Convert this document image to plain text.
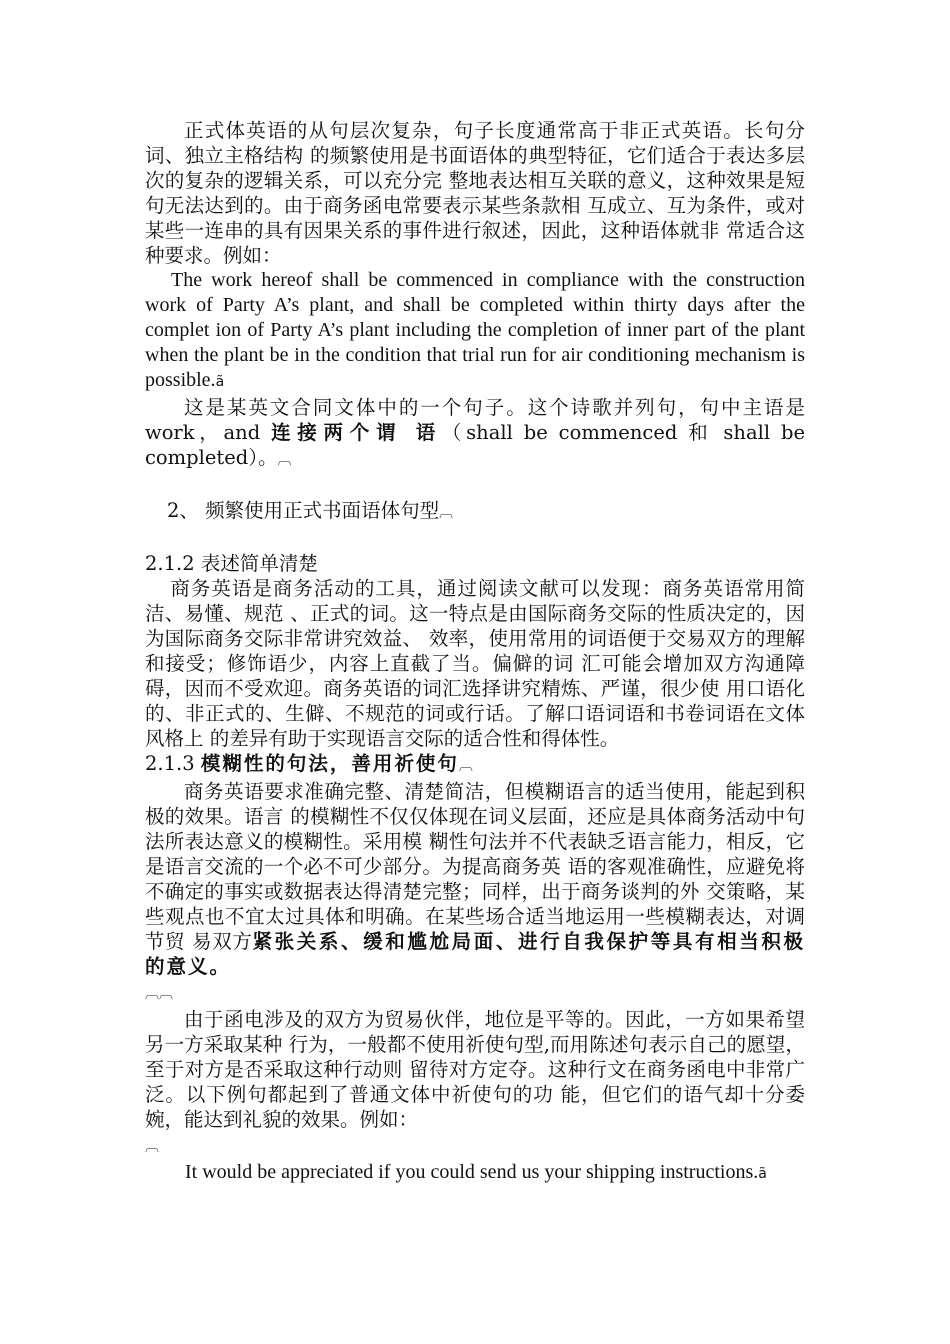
正式体英语的从句层次复杂，句子长度通常高于非正式英语。长句分词、独立主格结构 的频繁使用是书面语体的典型特征，它们适合于表达多层次的复杂的逻辑关系，可以充分完 整地表达相互关联的意义，这种效果是短句无法达到的。由于商务函电常要表示某些条款相 互成立、互为条件，或对某些一连串的具有因果关系的事件进行叙述，因此，这种语体就非 常适合这种要求。例如：

The work hereof shall be commenced in compliance with the construction work of Party A’s plant, and shall be completed within thirty days after the complet ion of Party A’s plant including the completion of inner part of the plant when the plant be in the condition that trial run for air conditioning mechanism is possible.ã

这是某英文合同文体中的一个句子。这个诗歌并列句，句中主语是 work，and 连接两个谓 语（shall be commenced 和 shall be completed）。︹

2、 频繁使用正式书面语体句型︹

2.1.2 表述简单清楚

商务英语是商务活动的工具，通过阅读文献可以发现：商务英语常用简洁、易懂、规范 、正式的词。这一特点是由国际商务交际的性质决定的，因为国际商务交际非常讲究效益、 效率，使用常用的词语便于交易双方的理解和接受；修饰语少，内容上直截了当。偏僻的词 汇可能会增加双方沟通障碍，因而不受欢迎。商务英语的词汇选择讲究精炼、严谨，很少使 用口语化的、非正式的、生僻、不规范的词或行话。了解口语词语和书卷词语在文体风格上 的差异有助于实现语言交际的适合性和得体性。

2.1.3 模糊性的句法，善用祈使句︹

商务英语要求准确完整、清楚简洁，但模糊语言的适当使用，能起到积极的效果。语言 的模糊性不仅仅体现在词义层面，还应是具体商务活动中句法所表达意义的模糊性。采用模 糊性句法并不代表缺乏语言能力，相反，它是语言交流的一个必不可少部分。为提高商务英 语的客观准确性，应避免将不确定的事实或数据表达得清楚完整；同样，出于商务谈判的外 交策略，某些观点也不宜太过具体和明确。在某些场合适当地运用一些模糊表达，对调节贸 易双方紧张关系、缓和尴尬局面、进行自我保护等具有相当积极的意义。
︹︹

由于函电涉及的双方为贸易伙伴，地位是平等的。因此，一方如果希望另一方采取某种 行为，一般都不使用祈使句型,而用陈述句表示自己的愿望，至于对方是否采取这种行动则 留待对方定夺。这种行文在商务函电中非常广泛。以下例句都起到了普通文体中祈使句的功 能，但它们的语气却十分委婉，能达到礼貌的效果。例如：
︹

It would be appreciated if you could send us your shipping instructions.ã
